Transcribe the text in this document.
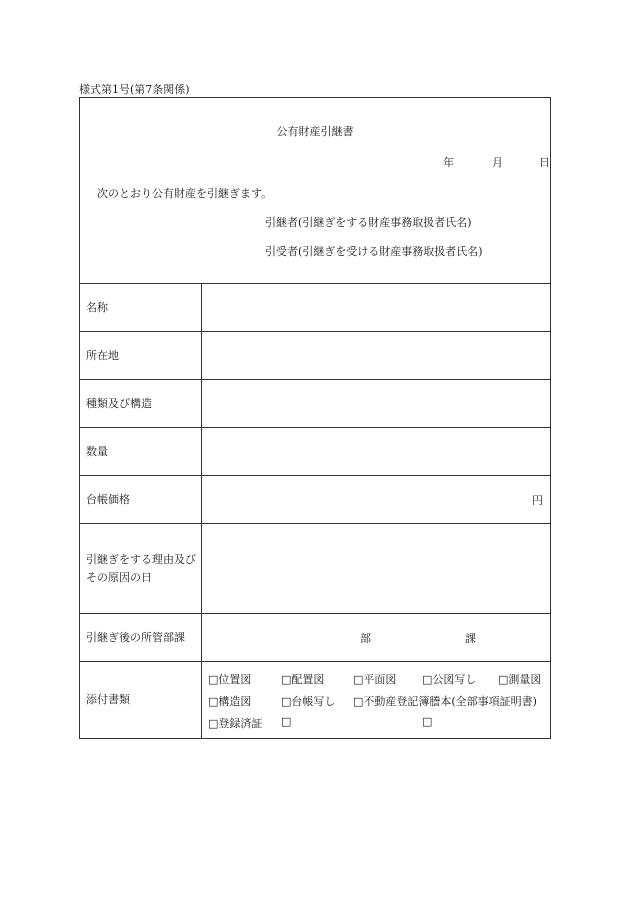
様式第1号(第7条関係)
公有財産引継書
年	月	日
次のとおり公有財産を引継ぎます。
引継者(引継ぎをする財産事務取扱者氏名)
引受者(引継ぎを受ける財産事務取扱者氏名)
名称
所在地
種類及び構造
数量
台帳価格	円
引継ぎをする理由及びその原因の日
引継ぎ後の所管部課	部	課
添付書類
□位置図	□配置図	□平面図 □公図写し □測量図
□構造図	□台帳写し □不動産登記簿謄本(全部事項証明書)
□登録済証 □	□
